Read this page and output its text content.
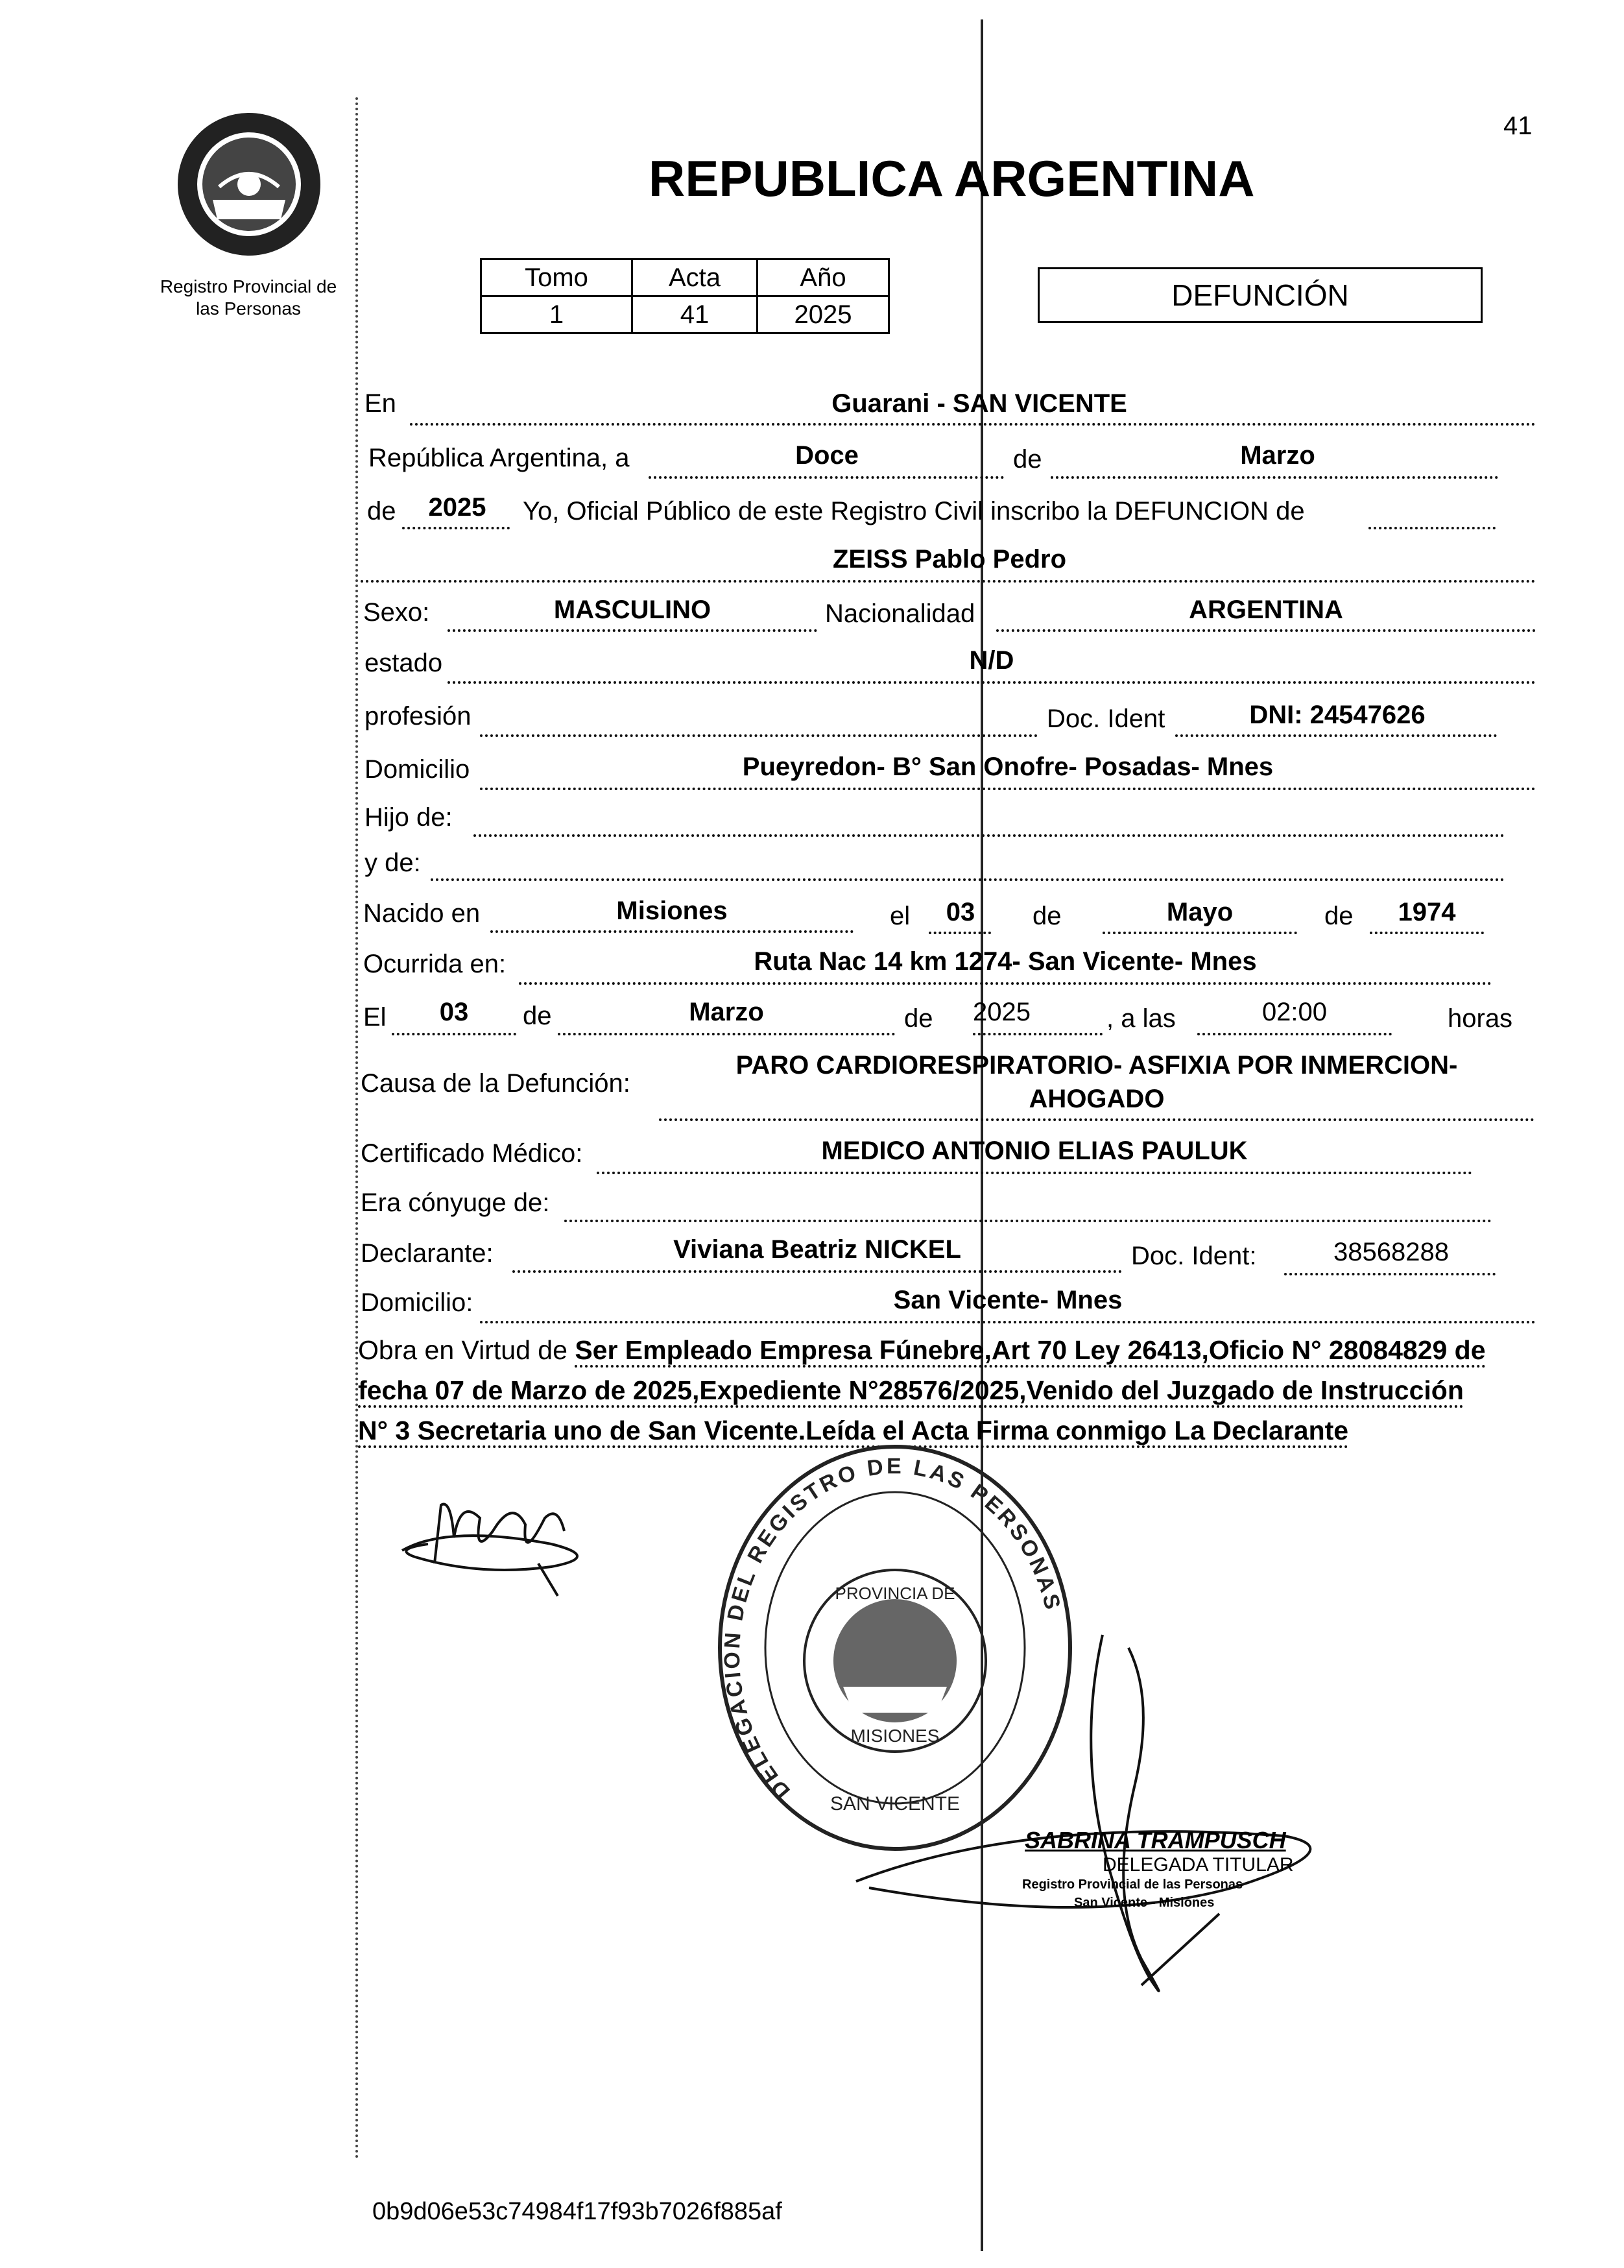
Registro Provincial de
las Personas
41
REPUBLICA ARGENTINA
Tomo	Acta	Año
1	41	2025
DEFUNCIÓN
En	Guarani - SAN VICENTE
República Argentina, a	Doce	de	Marzo
de	2025	Yo, Oficial Público de este Registro Civil inscribo la DEFUNCION de
ZEISS Pablo Pedro
Sexo:	MASCULINO	Nacionalidad	ARGENTINA
estado	N/D
profesión	Doc. Ident	DNI: 24547626
Domicilio	Pueyredon- B° San Onofre- Posadas- Mnes
Hijo de:
y de:
Nacido en	Misiones	el	03	de	Mayo	de	1974
Ocurrida en:	Ruta Nac 14 km 1274- San Vicente- Mnes
El	03	de	Marzo	de 2025	, a las	02:00	horas
Causa de la Defunción:
PARO CARDIORESPIRATORIO- ASFIXIA POR INMERCION-
AHOGADO
Certificado Médico:	MEDICO ANTONIO ELIAS PAULUK
Era cónyuge de:
Declarante:	Viviana Beatriz NICKEL	Doc. Ident:	38568288
Domicilio:	San Vicente- Mnes
Obra en Virtud de Ser Empleado Empresa Fúnebre,Art 70 Ley 26413,Oficio N° 28084829 de
fecha 07 de Marzo de 2025,Expediente N°28576/2025,Venido del Juzgado de Instrucción
N° 3 Secretaria uno de San Vicente.Leída el Acta Firma conmigo La Declarante
DELEGACION DEL REGISTRO DE LAS PERSONAS
SAN VICENTE
PROVINCIA DE
MISIONES
SABRINA TRAMPUSCH
DELEGADA TITULAR
Registro Provincial de las Personas
San Vicente - Misiones
0b9d06e53c74984f17f93b7026f885af
